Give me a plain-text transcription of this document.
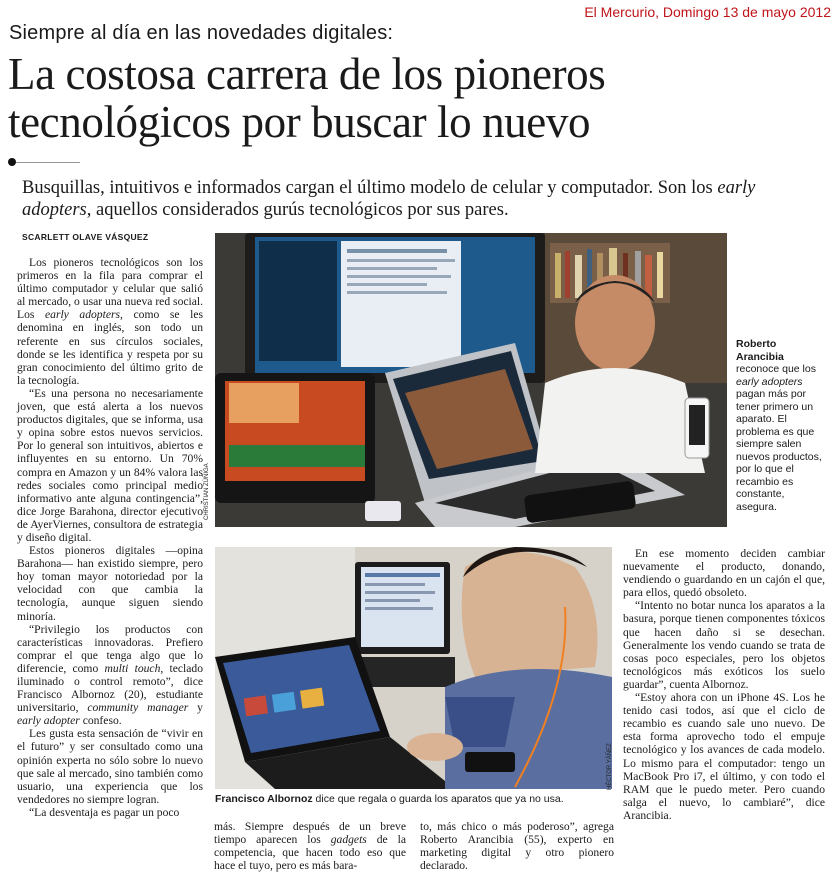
El Mercurio, Domingo 13 de mayo 2012
Siempre al día en las novedades digitales:
La costosa carrera de los pioneros tecnológicos por buscar lo nuevo

Busquillas, intuitivos e informados cargan el último modelo de celular y computador. Son los early adopters, aquellos considerados gurús tecnológicos por sus pares.

SCARLETT OLAVE VÁSQUEZ

Los pioneros tecnológicos son los primeros en la fila para comprar el último computador y celular que salió al mercado, o usar una nueva red social. Los early adopters, como se les denomina en inglés, son todo un referente en sus círculos sociales, donde se les identifica y respeta por su gran conocimiento del último grito de la tecnología.

“Es una persona no necesariamente joven, que está alerta a los nuevos productos digitales, que se informa, usa y opina sobre estos nuevos servicios. Por lo general son intuitivos, abiertos e influyentes en su entorno. Un 70% compra en Amazon y un 84% valora las redes sociales como principal medio informativo ante alguna contingencia”, dice Jorge Barahona, director ejecutivo de AyerViernes, consultora de estrategia y diseño digital.

Estos pioneros digitales —opina Barahona— han existido siempre, pero hoy toman mayor notoriedad por la velocidad con que cambia la tecnología, aunque siguen siendo minoría.

“Privilegio los productos con características innovadoras. Prefiero comprar el que tenga algo que lo diferencie, como multi touch, teclado iluminado o control remoto”, dice Francisco Albornoz (20), estudiante universitario, community manager y early adopter confeso.

Les gusta esta sensación de “vivir en el futuro” y ser consultado como una opinión experta no sólo sobre lo nuevo que sale al mercado, sino también como usuario, una experiencia que los vendedores no siempre logran.

“La desventaja es pagar un poco

CHRISTIAN ZÚÑIGA

Roberto Arancibia reconoce que los early adopters pagan más por tener primero un aparato. El problema es que siempre salen nuevos productos, por lo que el recambio es constante, asegura.

HÉCTOR YÁÑEZ

Francisco Albornoz dice que regala o guarda los aparatos que ya no usa.

más. Siempre después de un breve tiempo aparecen los gadgets de la competencia, que hacen todo eso que hace el tuyo, pero es más bara-

to, más chico o más poderoso”, agrega Roberto Arancibia (55), experto en marketing digital y otro pionero declarado.

En ese momento deciden cambiar nuevamente el producto, donando, vendiendo o guardando en un cajón el que, para ellos, quedó obsoleto.

“Intento no botar nunca los aparatos a la basura, porque tienen componentes tóxicos que hacen daño si se desechan. Generalmente los vendo cuando se trata de cosas poco especiales, pero los objetos tecnológicos más exóticos los suelo guardar”, cuenta Albornoz.

“Estoy ahora con un iPhone 4S. Los he tenido casi todos, así que el ciclo de recambio es cuando sale uno nuevo. De esta forma aprovecho todo el empuje tecnológico y los avances de cada modelo. Lo mismo para el computador: tengo un MacBook Pro i7, el último, y con todo el RAM que le puedo meter. Pero cuando salga el nuevo, lo cambiaré”, dice Arancibia.
